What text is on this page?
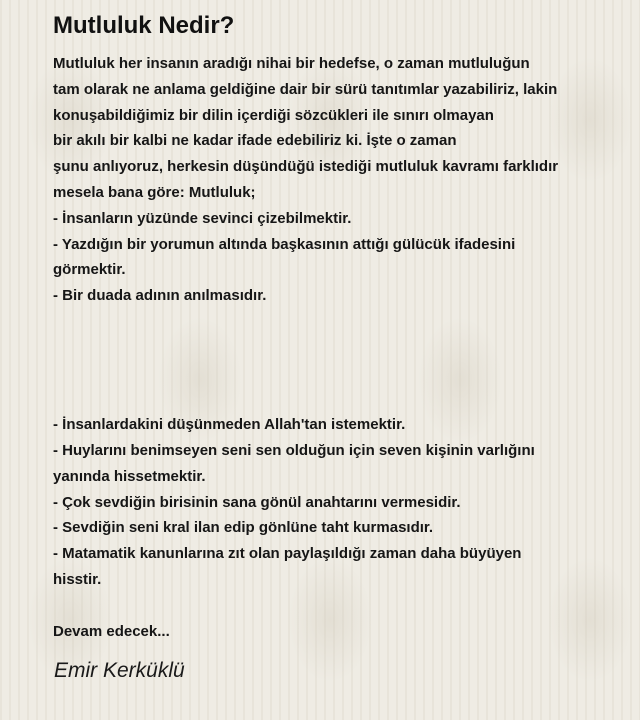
Mutluluk Nedir?
Mutluluk her insanın aradığı nihai bir hedefse, o zaman mutluluğun
tam olarak ne anlama geldiğine dair bir sürü tanıtımlar yazabiliriz, lakin
konuşabildiğimiz bir dilin içerdiği sözcükleri ile sınırı olmayan
bir akılı bir kalbi ne kadar ifade edebiliriz ki. İşte o zaman
şunu anlıyoruz, herkesin düşündüğü istediği mutluluk kavramı farklıdır
mesela bana göre: Mutluluk;
- İnsanların yüzünde sevinci çizebilmektir.
- Yazdığın bir yorumun altında başkasının attığı gülücük ifadesini
görmektir.
- Bir duada adının anılmasıdır.
- İnsanlardakini düşünmeden Allah'tan istemektir.
- Huylarını benimseyen seni sen olduğun için seven kişinin varlığını
yanında hissetmektir.
- Çok sevdiğin birisinin sana gönül anahtarını vermesidir.
- Sevdiğin seni kral ilan edip gönlüne taht kurmasıdır.
- Matamatik kanunlarına zıt olan paylaşıldığı zaman daha büyüyen
hisstir.
Devam edecek...
Emir Kerküklü
